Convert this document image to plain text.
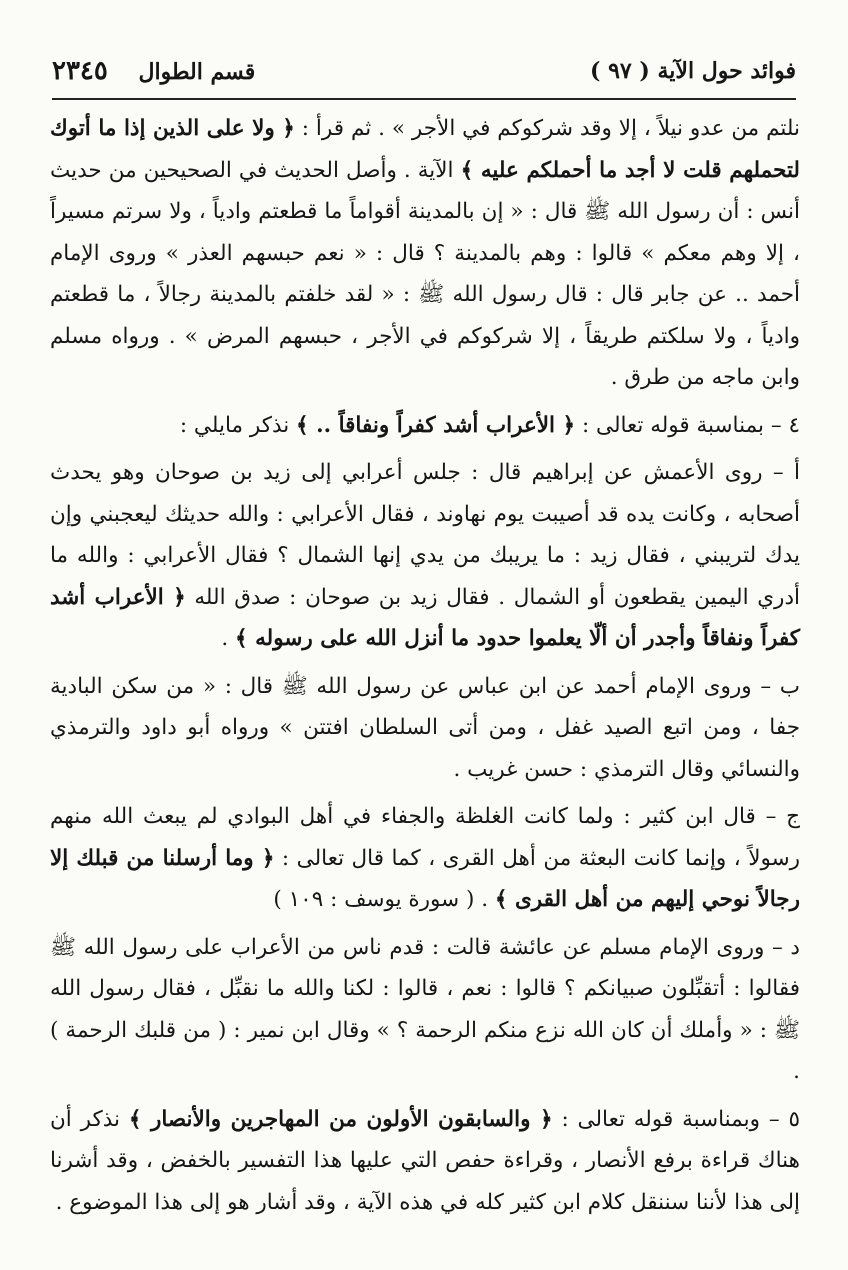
فوائد حول الآية ( ٩٧ )
قسم الطوال    ٢٣٤٥

نلتم من عدو نيلاً ، إلا وقد شركوكم في الأجر » . ثم قرأ : ﴿ ولا على الذين إذا ما أتوك لتحملهم قلت لا أجد ما أحملكم عليه ﴾ الآية . وأصل الحديث في الصحيحين من حديث أنس : أن رسول الله ﷺ قال : « إن بالمدينة أقواماً ما قطعتم وادياً ، ولا سرتم مسيراً ، إلا وهم معكم » قالوا : وهم بالمدينة ؟ قال : « نعم حبسهم العذر » وروى الإمام أحمد .. عن جابر قال : قال رسول الله ﷺ : « لقد خلفتم بالمدينة رجالاً ، ما قطعتم وادياً ، ولا سلكتم طريقاً ، إلا شركوكم في الأجر ، حبسهم المرض » . ورواه مسلم وابن ماجه من طرق .

٤ – بمناسبة قوله تعالى : ﴿ الأعراب أشد كفراً ونفاقاً .. ﴾ نذكر مايلي :

أ – روى الأعمش عن إبراهيم قال : جلس أعرابي إلى زيد بن صوحان وهو يحدث أصحابه ، وكانت يده قد أصيبت يوم نهاوند ، فقال الأعرابي : والله حديثك ليعجبني وإن يدك لتريبني ، فقال زيد : ما يريبك من يدي إنها الشمال ؟ فقال الأعرابي : والله ما أدري اليمين يقطعون أو الشمال . فقال زيد بن صوحان : صدق الله ﴿ الأعراب أشد كفراً ونفاقاً وأجدر أن ألّا يعلموا حدود ما أنزل الله على رسوله ﴾ .

ب – وروى الإمام أحمد عن ابن عباس عن رسول الله ﷺ قال : « من سكن البادية جفا ، ومن اتبع الصيد غفل ، ومن أتى السلطان افتتن » ورواه أبو داود والترمذي والنسائي وقال الترمذي : حسن غريب .

ج – قال ابن كثير : ولما كانت الغلظة والجفاء في أهل البوادي لم يبعث الله منهم رسولاً ، وإنما كانت البعثة من أهل القرى ، كما قال تعالى : ﴿ وما أرسلنا من قبلك إلا رجالاً نوحي إليهم من أهل القرى ﴾ . ( سورة يوسف : ١٠٩ )

د – وروى الإمام مسلم عن عائشة قالت : قدم ناس من الأعراب على رسول الله ﷺ فقالوا : أتقبِّلون صبيانكم ؟ قالوا : نعم ، قالوا : لكنا والله ما نقبِّل ، فقال رسول الله ﷺ : « وأملك أن كان الله نزع منكم الرحمة ؟ » وقال ابن نمير : ( من قلبك الرحمة ) .

٥ – وبمناسبة قوله تعالى : ﴿ والسابقون الأولون من المهاجرين والأنصار ﴾ نذكر أن هناك قراءة برفع الأنصار ، وقراءة حفص التي عليها هذا التفسير بالخفض ، وقد أشرنا إلى هذا لأننا سننقل كلام ابن كثير كله في هذه الآية ، وقد أشار هو إلى هذا الموضوع .
